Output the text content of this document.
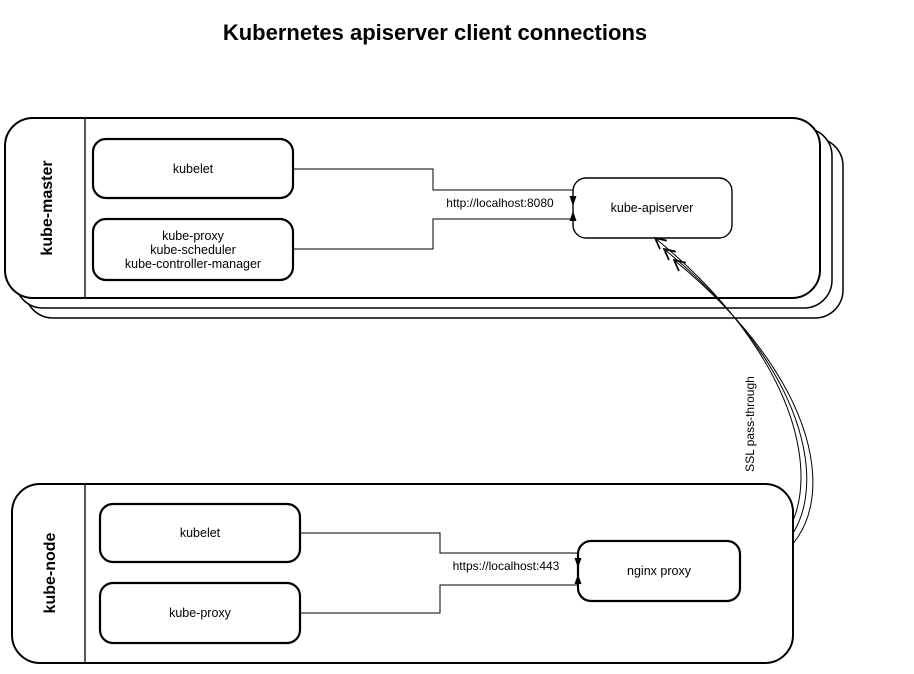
Kubernetes apiserver client connections
kube-master	kubelet
kube-proxy
kube-scheduler
kube-controller-manager
kube-apiserver
http://localhost:8080
SSL pass-through
kube-node	kubelet
kube-proxy
nginx proxy
https://localhost:443
